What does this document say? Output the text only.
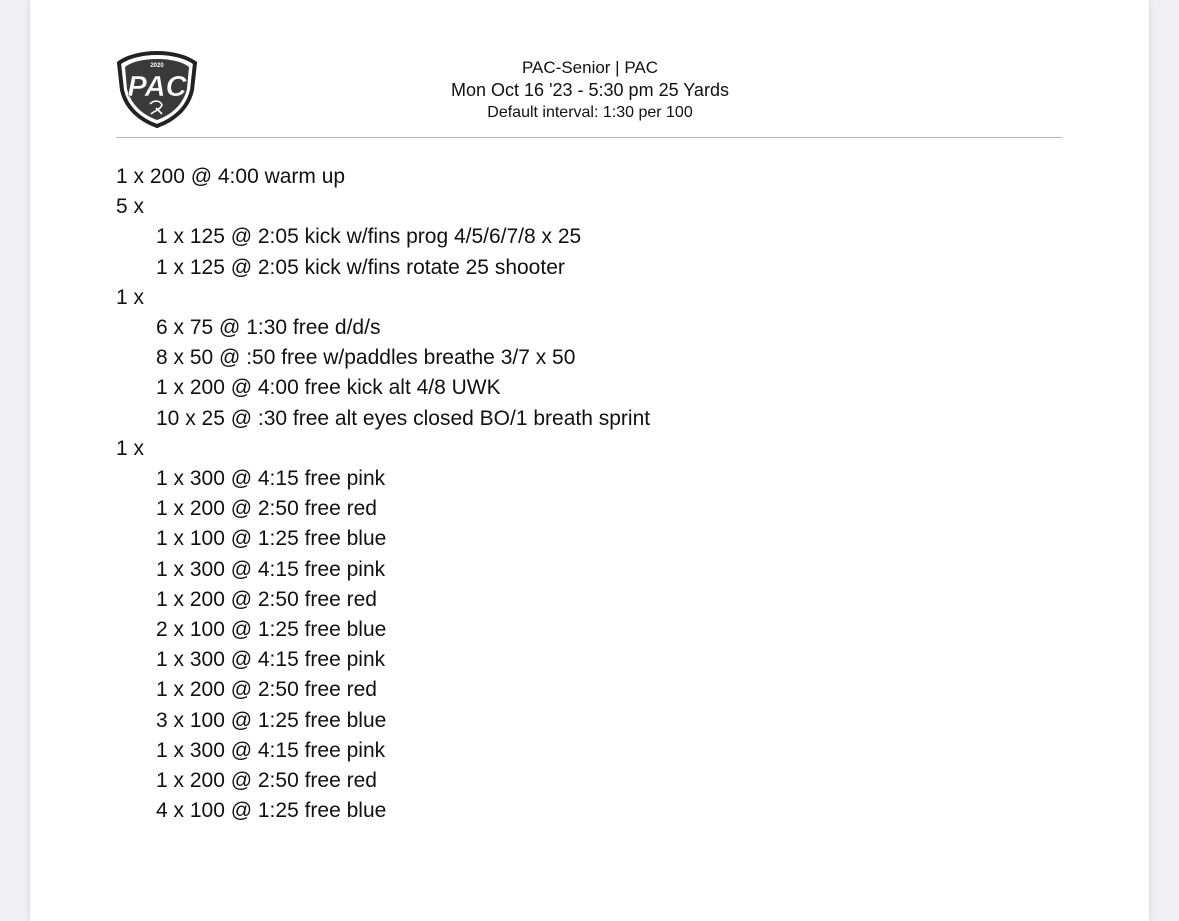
2020
PAC
PAC-Senior | PAC
Mon Oct 16 '23 - 5:30 pm 25 Yards
Default interval: 1:30 per 100
1 x 200 @ 4:00 warm up
5 x
1 x 125 @ 2:05 kick w/fins prog 4/5/6/7/8 x 25
1 x 125 @ 2:05 kick w/fins rotate 25 shooter
1 x
6 x 75 @ 1:30 free d/d/s
8 x 50 @ :50 free w/paddles breathe 3/7 x 50
1 x 200 @ 4:00 free kick alt 4/8 UWK
10 x 25 @ :30 free alt eyes closed BO/1 breath sprint
1 x
1 x 300 @ 4:15 free pink
1 x 200 @ 2:50 free red
1 x 100 @ 1:25 free blue
1 x 300 @ 4:15 free pink
1 x 200 @ 2:50 free red
2 x 100 @ 1:25 free blue
1 x 300 @ 4:15 free pink
1 x 200 @ 2:50 free red
3 x 100 @ 1:25 free blue
1 x 300 @ 4:15 free pink
1 x 200 @ 2:50 free red
4 x 100 @ 1:25 free blue
